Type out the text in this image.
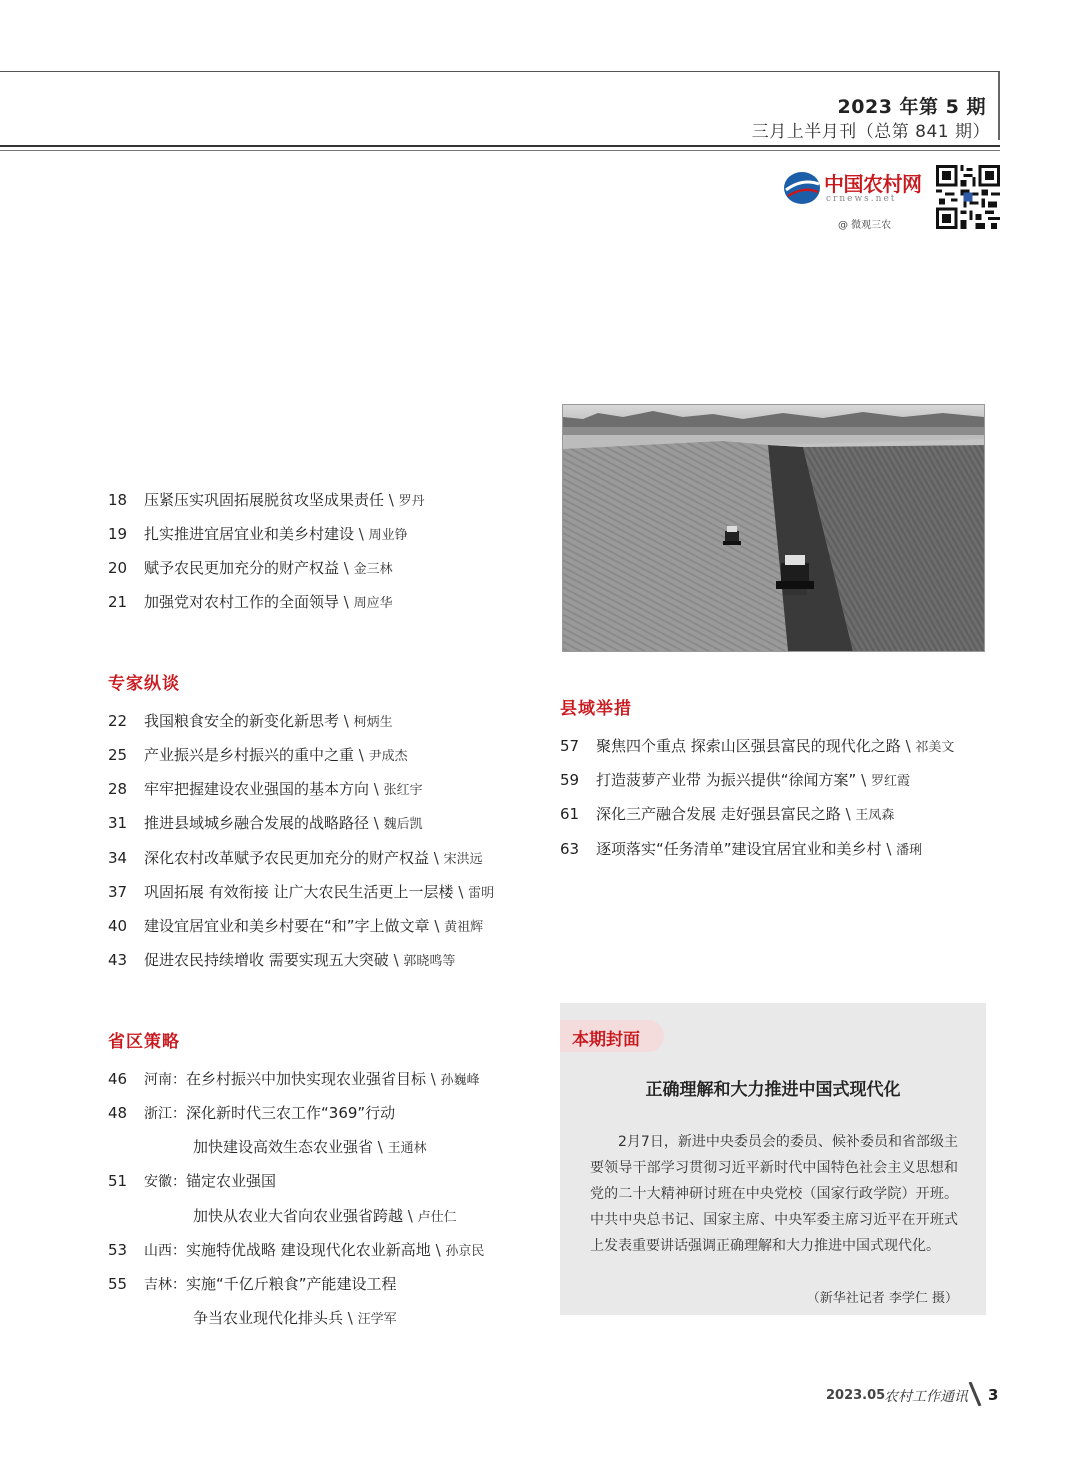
2023 年第 5 期
三月上半月刊（总第 841 期）
中国农村网
crnews.net
@ 微观三农
18 压紧压实巩固拓展脱贫攻坚成果责任 \ 罗丹
19 扎实推进宜居宜业和美乡村建设 \ 周业铮
20 赋予农民更加充分的财产权益 \ 金三林
21 加强党对农村工作的全面领导 \ 周应华
专家纵谈
22 我国粮食安全的新变化新思考 \ 柯炳生
25 产业振兴是乡村振兴的重中之重 \ 尹成杰
28 牢牢把握建设农业强国的基本方向 \ 张红宇
31 推进县域城乡融合发展的战略路径 \ 魏后凯
34 深化农村改革赋予农民更加充分的财产权益 \ 宋洪远
37 巩固拓展 有效衔接 让广大农民生活更上一层楼 \ 雷明
40 建设宜居宜业和美乡村要在“和”字上做文章 \ 黄祖辉
43 促进农民持续增收 需要实现五大突破 \ 郭晓鸣等
省区策略
46 河南：在乡村振兴中加快实现农业强省目标 \ 孙巍峰
48 浙江：深化新时代三农工作“369”行动
加快建设高效生态农业强省 \ 王通林
51 安徽：锚定农业强国
加快从农业大省向农业强省跨越 \ 卢仕仁
53 山西：实施特优战略 建设现代化农业新高地 \ 孙京民
55 吉林：实施“千亿斤粮食”产能建设工程
争当农业现代化排头兵 \ 汪学军
县域举措
57 聚焦四个重点 探索山区强县富民的现代化之路 \ 祁美文
59 打造菠萝产业带 为振兴提供“徐闻方案” \ 罗红霞
61 深化三产融合发展 走好强县富民之路 \ 王凤森
63 逐项落实“任务清单”建设宜居宜业和美乡村 \ 潘琍
本期封面
正确理解和大力推进中国式现代化
2月7日，新进中央委员会的委员、候补委员和省部级主要领导干部学习贯彻习近平新时代中国特色社会主义思想和党的二十大精神研讨班在中央党校（国家行政学院）开班。中共中央总书记、国家主席、中央军委主席习近平在开班式上发表重要讲话强调正确理解和大力推进中国式现代化。
（新华社记者 李学仁 摄）
2023.05
农村工作通讯 3
